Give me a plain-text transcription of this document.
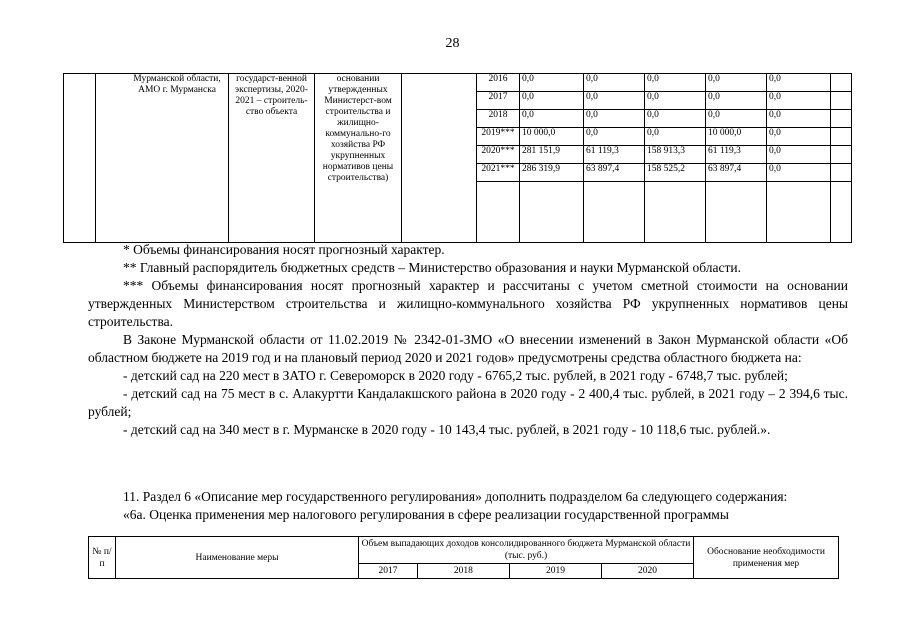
28

	Мурманской области, АМО г. Мурманска	государст-венной экспертизы, 2020-2021 – строитель-ство объекта	основании утвержденных Министерст-вом строительства и жилищно-коммунально-го хозяйства РФ укрупненных нормативов цены строительства)		2016	0,0	0,0	0,0	0,0	0,0	
					2017	0,0	0,0	0,0	0,0	0,0	
					2018	0,0	0,0	0,0	0,0	0,0	
					2019***	10 000,0	0,0	0,0	10 000,0	0,0	
					2020***	281 151,9	61 119,3	158 913,3	61 119,3	0,0	
					2021***	286 319,9	63 897,4	158 525,2	63 897,4	0,0	

* Объемы финансирования носят прогнозный характер.

** Главный распорядитель бюджетных средств – Министерство образования и науки Мурманской области.

*** Объемы финансирования носят прогнозный характер и рассчитаны с учетом сметной стоимости на основании утвержденных Министерством строительства и жилищно-коммунального хозяйства РФ укрупненных нормативов цены строительства.

В Законе Мурманской области от 11.02.2019 № 2342-01-ЗМО «О внесении изменений в Закон Мурманской области «Об областном бюджете на 2019 год и на плановый период 2020 и 2021 годов» предусмотрены средства областного бюджета на:

- детский сад на 220 мест в ЗАТО г. Североморск в 2020 году - 6765,2 тыс. рублей, в 2021 году - 6748,7 тыс. рублей;

- детский сад на 75 мест в с. Алакуртти Кандалакшского района в 2020 году - 2 400,4 тыс. рублей, в 2021 году – 2 394,6 тыс. рублей;

- детский сад на 340 мест в г. Мурманске в 2020 году - 10 143,4 тыс. рублей, в 2021 году - 10 118,6 тыс. рублей.».

11. Раздел 6 «Описание мер государственного регулирования» дополнить подразделом 6а следующего содержания:

«6а. Оценка применения мер налогового регулирования в сфере реализации государственной программы

№ п/п	Наименование меры	Объем выпадающих доходов консолидированного бюджета Мурманской области (тыс. руб.)				Обоснование необходимости применения мер
		2017	2018	2019	2020	
